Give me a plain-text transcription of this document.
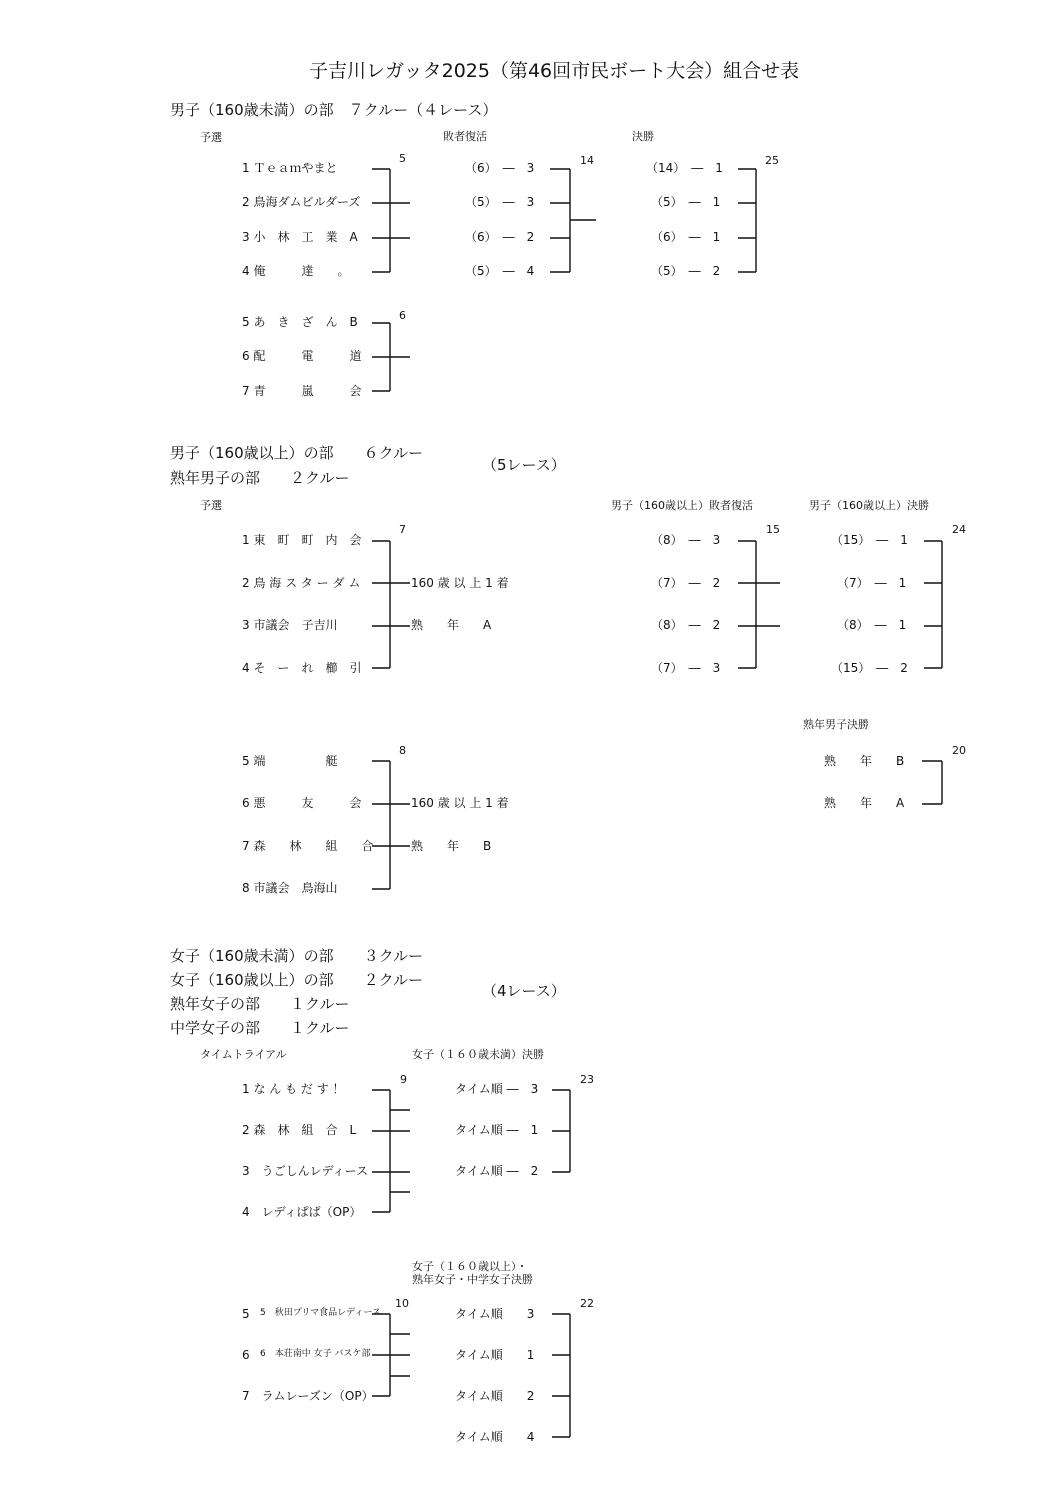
子吉川レガッタ2025（第46回市民ボート大会）組合せ表
男子（160歳未満）の部　７クルー（４レース）
予選	敗者復活	決勝
1 Ｔｅａｍやまと
2 鳥海ダムビルダーズ
3 小　林　工　業　A
4 俺　　　達　　。
5 あ　き　ざ　ん　B
6 配　　　電　　　道
7 青　　　嵐　　　会
5
6
（6）　―　3
（5）　―　3
（6）　―　2
（5）　―　4
14
（14）　―　1
（5）　―　1
（6）　―　1
（5）　―　2
25
男子（160歳以上）の部　　６クルー
熟年男子の部　　２クルー
（5レース）
予選	男子（160歳以上）敗者復活	男子（160歳以上）決勝
1 東　町　町　内　会
2 鳥 海 ス タ ー ダ ム
3 市議会　子吉川
4 そ　ー　れ　櫛　引
5 端　　　　　艇
6 悪　　　友　　　会
7 森　　林　　組　　合
8 市議会　鳥海山
7
8
160 歳 以 上 1 着
熟　　年　　A
160 歳 以 上 1 着
熟　　年　　B
（8）　―　3
（7）　―　2
（8）　―　2
（7）　―　3
15
（15）　―　1
（7）　―　1
（8）　―　1
（15）　―　2
24
熟年男子決勝
熟　　年　　B
熟　　年　　A
20
女子（160歳未満）の部　　３クルー
女子（160歳以上）の部　　２クルー
熟年女子の部　　１クルー
中学女子の部　　１クルー
（4レース）
タイムトライアル	女子（１６０歳未満）決勝
女子（１６０歳以上）・
熟年女子・中学女子決勝
1 な ん も だ す ！
2 森　林　組　合　L
3　うごしんレディース
4　レディぱぱ（OP）
9
5 5　秋田プリマ食品レディース
6 6　本荘南中 女子 バスケ部
7　ラムレーズン（OP）
10
タイム順 ―　3
タイム順 ―　1
タイム順 ―　2
23
タイム順　　3
タイム順　　1
タイム順　　2
タイム順　　4
22
